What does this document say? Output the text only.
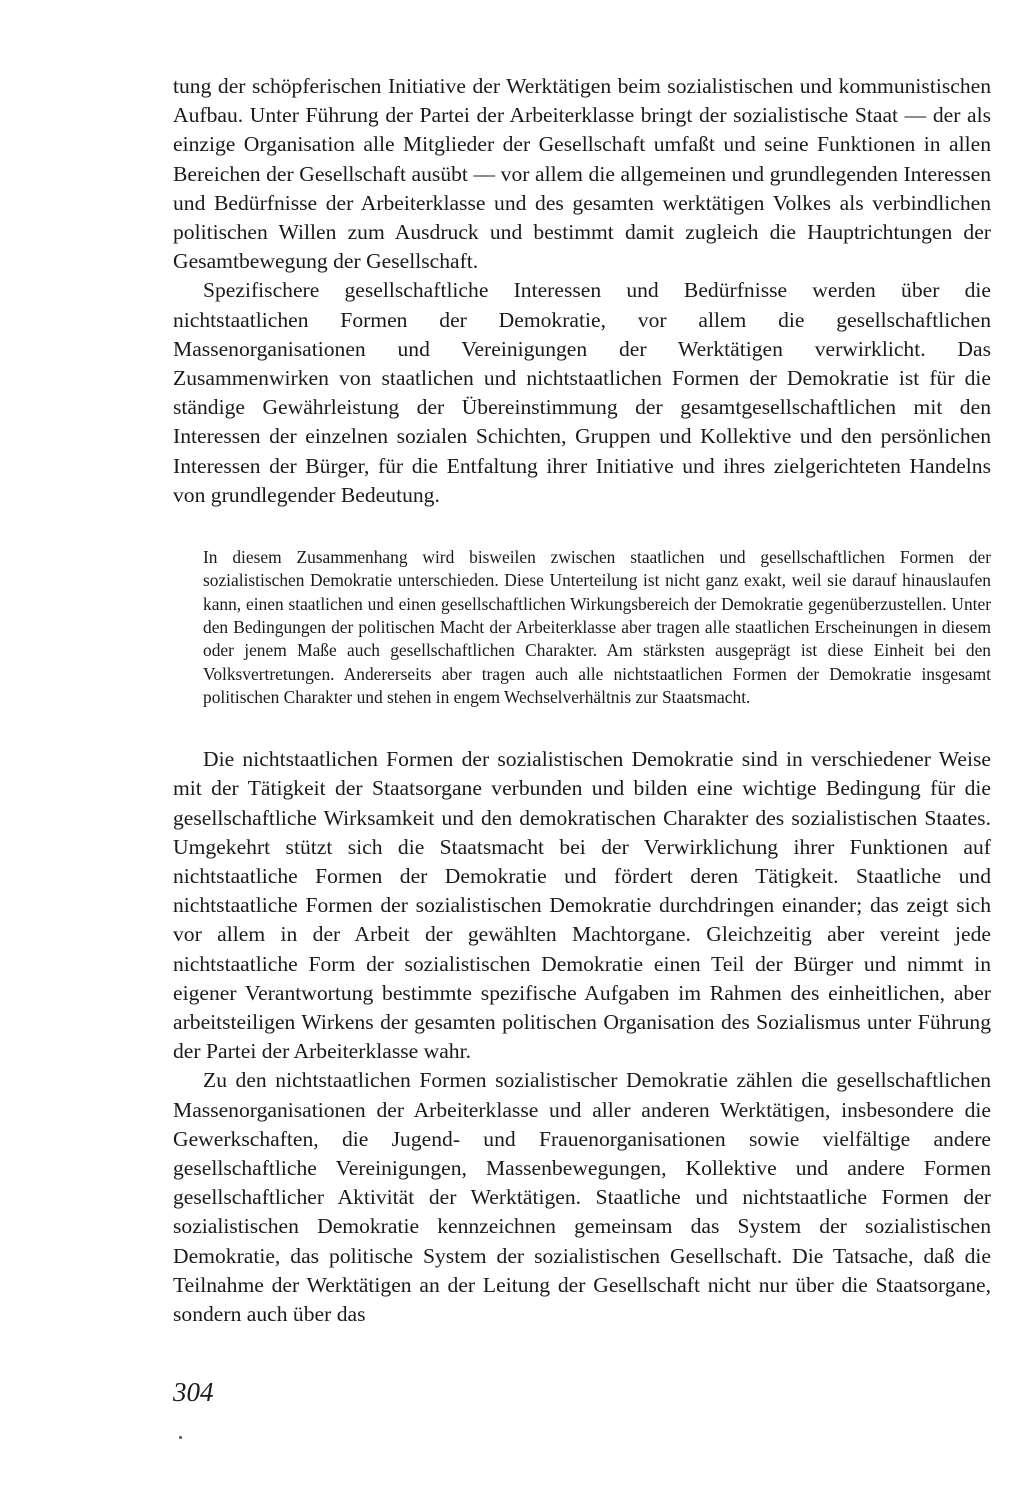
tung der schöpferischen Initiative der Werktätigen beim sozialistischen und kommunistischen Aufbau. Unter Führung der Partei der Arbeiterklasse bringt der sozialistische Staat — der als einzige Organisation alle Mitglieder der Gesellschaft umfaßt und seine Funktionen in allen Bereichen der Gesellschaft ausübt — vor allem die allgemeinen und grundlegenden Interessen und Bedürfnisse der Arbeiterklasse und des gesamten werktätigen Volkes als verbindlichen politischen Willen zum Ausdruck und bestimmt damit zugleich die Hauptrichtungen der Gesamtbewegung der Gesellschaft.

Spezifischere gesellschaftliche Interessen und Bedürfnisse werden über die nichtstaatlichen Formen der Demokratie, vor allem die gesellschaftlichen Massenorganisationen und Vereinigungen der Werktätigen verwirklicht. Das Zusammenwirken von staatlichen und nichtstaatlichen Formen der Demokratie ist für die ständige Gewährleistung der Übereinstimmung der gesamtgesellschaftlichen mit den Interessen der einzelnen sozialen Schichten, Gruppen und Kollektive und den persönlichen Interessen der Bürger, für die Entfaltung ihrer Initiative und ihres zielgerichteten Handelns von grundlegender Bedeutung.

In diesem Zusammenhang wird bisweilen zwischen staatlichen und gesellschaftlichen Formen der sozialistischen Demokratie unterschieden. Diese Unterteilung ist nicht ganz exakt, weil sie darauf hinauslaufen kann, einen staatlichen und einen gesellschaftlichen Wirkungsbereich der Demokratie gegenüberzustellen. Unter den Bedingungen der politischen Macht der Arbeiterklasse aber tragen alle staatlichen Erscheinungen in diesem oder jenem Maße auch gesellschaftlichen Charakter. Am stärksten ausgeprägt ist diese Einheit bei den Volksvertretungen. Andererseits aber tragen auch alle nichtstaatlichen Formen der Demokratie insgesamt politischen Charakter und stehen in engem Wechselverhältnis zur Staatsmacht.

Die nichtstaatlichen Formen der sozialistischen Demokratie sind in verschiedener Weise mit der Tätigkeit der Staatsorgane verbunden und bilden eine wichtige Bedingung für die gesellschaftliche Wirksamkeit und den demokratischen Charakter des sozialistischen Staates. Umgekehrt stützt sich die Staatsmacht bei der Verwirklichung ihrer Funktionen auf nichtstaatliche Formen der Demokratie und fördert deren Tätigkeit. Staatliche und nichtstaatliche Formen der sozialistischen Demokratie durchdringen einander; das zeigt sich vor allem in der Arbeit der gewählten Machtorgane. Gleichzeitig aber vereint jede nichtstaatliche Form der sozialistischen Demokratie einen Teil der Bürger und nimmt in eigener Verantwortung bestimmte spezifische Aufgaben im Rahmen des einheitlichen, aber arbeitsteiligen Wirkens der gesamten politischen Organisation des Sozialismus unter Führung der Partei der Arbeiterklasse wahr.

Zu den nichtstaatlichen Formen sozialistischer Demokratie zählen die gesellschaftlichen Massenorganisationen der Arbeiterklasse und aller anderen Werktätigen, insbesondere die Gewerkschaften, die Jugend- und Frauenorganisationen sowie vielfältige andere gesellschaftliche Vereinigungen, Massenbewegungen, Kollektive und andere Formen gesellschaftlicher Aktivität der Werktätigen. Staatliche und nichtstaatliche Formen der sozialistischen Demokratie kennzeichnen gemeinsam das System der sozialistischen Demokratie, das politische System der sozialistischen Gesellschaft. Die Tatsache, daß die Teilnahme der Werktätigen an der Leitung der Gesellschaft nicht nur über die Staatsorgane, sondern auch über das

304
